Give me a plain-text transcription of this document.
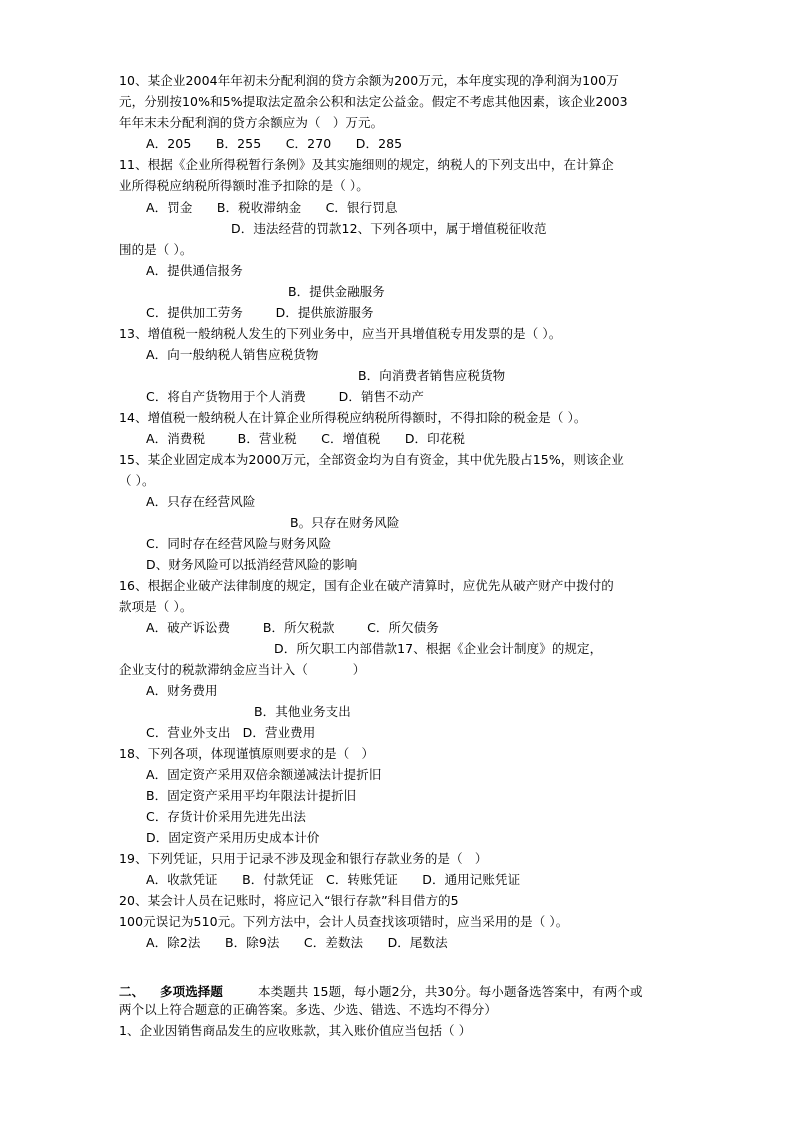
10、某企业2004年年初未分配利润的贷方余额为200万元，本年度实现的净利润为100万
元，分别按10%和5%提取法定盈余公积和法定公益金。假定不考虑其他因素，该企业2003
年年末未分配利润的贷方余额应为（   ）万元。
A．205      B．255      C．270      D．285
11、根据《企业所得税暂行条例》及其实施细则的规定，纳税人的下列支出中，在计算企
业所得税应纳税所得额时准予扣除的是（ ）。
A．罚金      B．税收滞纳金      C．银行罚息
D．违法经营的罚款12、下列各项中，属于增值税征收范
围的是（ ）。
A．提供通信报务
B．提供金融服务
C．提供加工劳务        D．提供旅游服务
13、增值税一般纳税人发生的下列业务中，应当开具增值税专用发票的是（ ）。
A．向一般纳税人销售应税货物
B．向消费者销售应税货物
C．将自产货物用于个人消费        D．销售不动产
14、增值税一般纳税人在计算企业所得税应纳税所得额时，不得扣除的税金是（ ）。
A．消费税        B．营业税      C．增值税      D．印花税
15、某企业固定成本为2000万元，全部资金均为自有资金，其中优先股占15%，则该企业
（ ）。
A．只存在经营风险
B。只存在财务风险
C．同时存在经营风险与财务风险
D、财务风险可以抵消经营风险的影响
16、根据企业破产法律制度的规定，国有企业在破产清算时，应优先从破产财产中拨付的
款项是（ ）。
A．破产诉讼费        B．所欠税款        C．所欠债务
D．所欠职工内部借款17、根据《企业会计制度》的规定，
企业支付的税款滞纳金应当计入（           ）
A．财务费用
B．其他业务支出
C．营业外支出   D．营业费用
18、下列各项，体现谨慎原则要求的是（   ）
A．固定资产采用双倍余额递减法计提折旧
B．固定资产采用平均年限法计提折旧
C．存货计价采用先进先出法
D．固定资产采用历史成本计价
19、下列凭证，只用于记录不涉及现金和银行存款业务的是（   ）
A．收款凭证      B．付款凭证   C．转账凭证      D．通用记账凭证
20、某会计人员在记账时，将应记入“银行存款”科目借方的5
100元误记为510元。下列方法中，会计人员查找该项错时，应当采用的是（ ）。
A．除2法      B．除9法      C．差数法      D．尾数法
二、 多项选择题	本类题共 15题，每小题2分，共30分。每小题备选答案中，有两个或
两个以上符合题意的正确答案。多选、少选、错选、不选均不得分）
1、企业因销售商品发生的应收账款，其入账价值应当包括（ ）
